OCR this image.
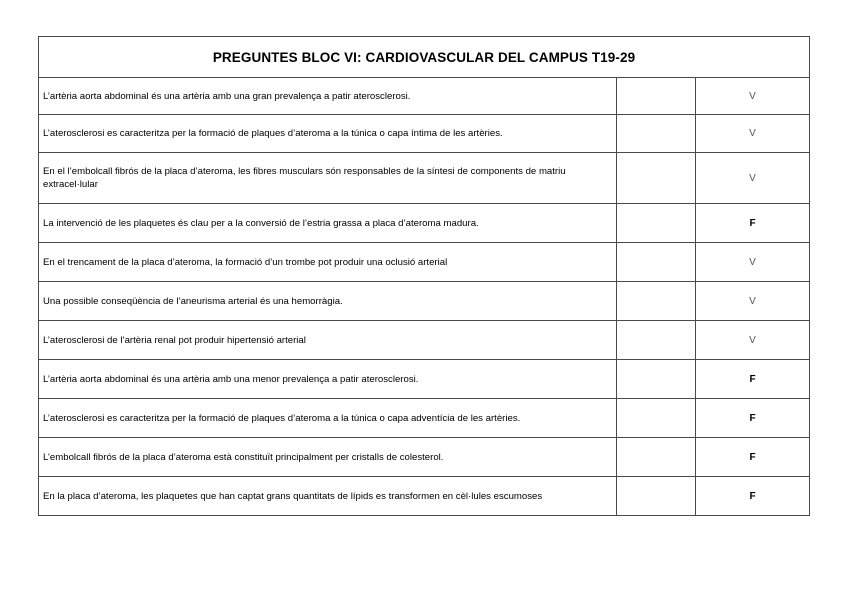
PREGUNTES BLOC VI: CARDIOVASCULAR DEL CAMPUS T19-29		
L’artèria aorta abdominal és una artèria amb una gran prevalença a patir aterosclerosi.		V
L’aterosclerosi es caracteritza per la formació de plaques d’ateroma a la túnica o capa íntima de les artèries.		V
En el l’embolcall fibrós de la placa d’ateroma, les fibres musculars són responsables de la síntesi de components de matriu extracel·lular		V
La intervenció de les plaquetes és clau per a la conversió de l’estria grassa a placa d’ateroma madura.		F
En el trencament de la placa d’ateroma, la formació d’un trombe pot produir una oclusió arterial		V
Una possible conseqüència de l’aneurisma arterial és una hemorràgia.		V
L’aterosclerosi de l’artèria renal pot produir hipertensió arterial		V
L’artèria aorta abdominal és una artèria amb una menor prevalença a patir aterosclerosi.		F
L’aterosclerosi es caracteritza per la formació de plaques d’ateroma a la túnica o capa adventícia de les artèries.		F
L’embolcall fibrós de la placa d’ateroma està constituït principalment per cristalls de colesterol.		F
En la placa d’ateroma, les plaquetes que han captat grans quantitats de lípids es transformen en cèl·lules escumoses		F
